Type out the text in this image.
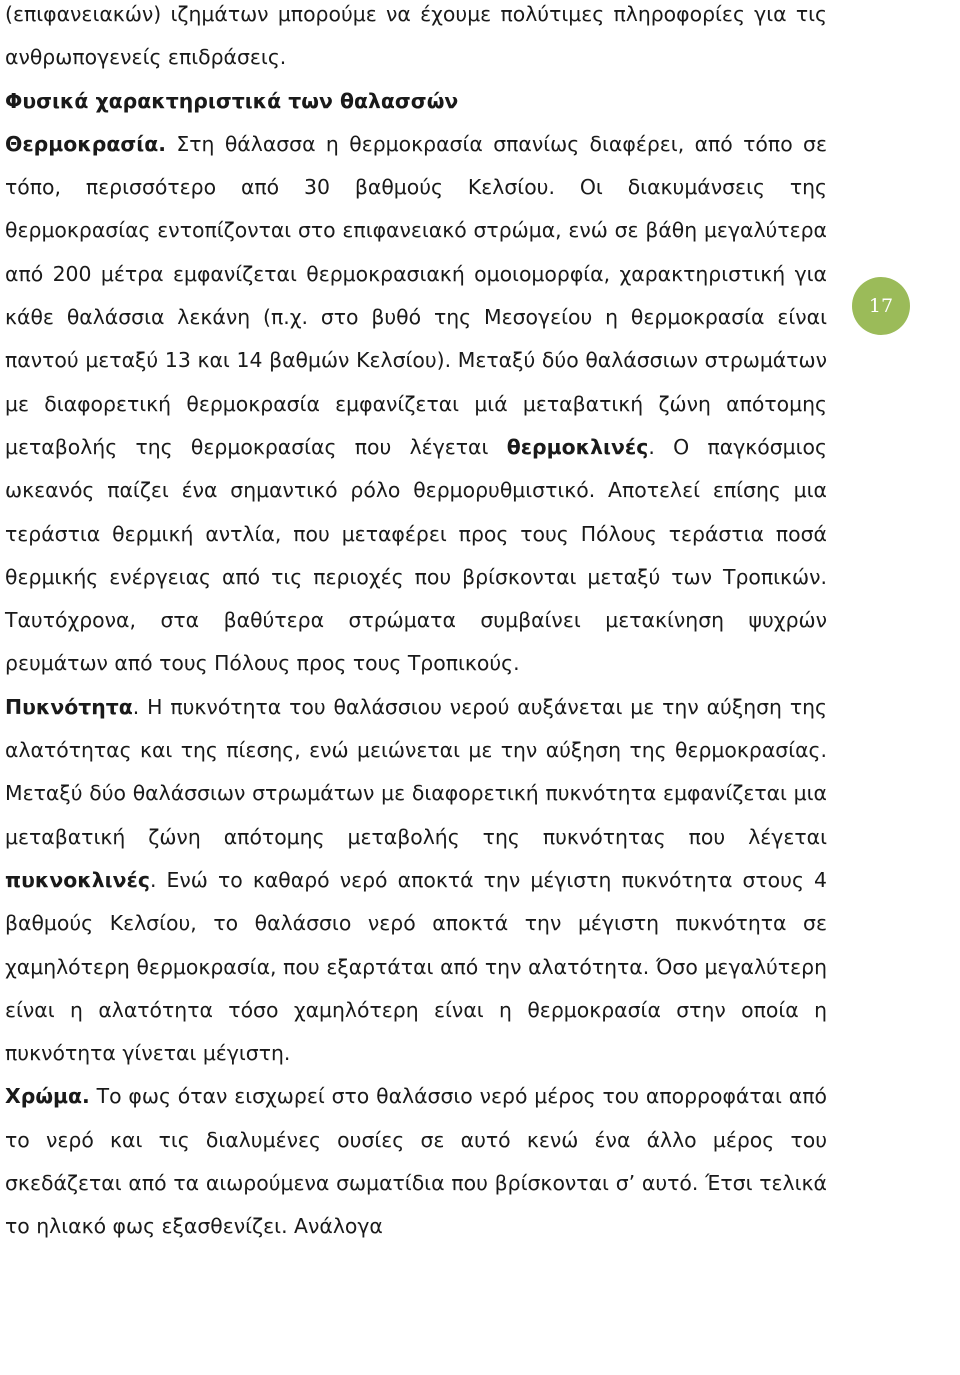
(επιφανειακών) ιζημάτων μπορούμε να έχουμε πολύτιμες πληροφορίες για τις ανθρωπογενείς επιδράσεις.

Φυσικά χαρακτηριστικά των θαλασσών

Θερμοκρασία. Στη θάλασσα η θερμοκρασία σπανίως διαφέρει, από τόπο σε τόπο, περισσότερο από 30 βαθμούς Κελσίου. Οι διακυμάνσεις της θερμοκρασίας εντοπίζονται στο επιφανειακό στρώμα, ενώ σε βάθη μεγαλύτερα από 200 μέτρα εμφανίζεται θερμοκρασιακή ομοιομορφία, χαρακτηριστική για κάθε θαλάσσια λεκάνη (π.χ. στο βυθό της Μεσογείου η θερμοκρασία είναι παντού μεταξύ 13 και 14 βαθμών Κελσίου). Μεταξύ δύο θαλάσσιων στρωμάτων με διαφορετική θερμοκρασία εμφανίζεται μιά μεταβατική ζώνη απότομης μεταβολής της θερμοκρασίας που λέγεται θερμοκλινές. Ο παγκόσμιος ωκεανός παίζει ένα σημαντικό ρόλο θερμορυθμιστικό. Αποτελεί επίσης μια τεράστια θερμική αντλία, που μεταφέρει προς τους Πόλους τεράστια ποσά θερμικής ενέργειας από τις περιοχές που βρίσκονται μεταξύ των Τροπικών. Ταυτόχρονα, στα βαθύτερα στρώματα συμβαίνει μετακίνηση ψυχρών ρευμάτων από τους Πόλους προς τους Τροπικούς.

Πυκνότητα. Η πυκνότητα του θαλάσσιου νερού αυξάνεται με την αύξηση της αλατότητας και της πίεσης, ενώ μειώνεται με την αύξηση της θερμοκρασίας. Μεταξύ δύο θαλάσσιων στρωμάτων με διαφορετική πυκνότητα εμφανίζεται μια μεταβατική ζώνη απότομης μεταβολής της πυκνότητας που λέγεται πυκνοκλινές. Ενώ το καθαρό νερό αποκτά την μέγιστη πυκνότητα στους 4 βαθμούς Κελσίου, το θαλάσσιο νερό αποκτά την μέγιστη πυκνότητα σε χαμηλότερη θερμοκρασία, που εξαρτάται από την αλατότητα. Όσο μεγαλύτερη είναι η αλατότητα τόσο χαμηλότερη είναι η θερμοκρασία στην οποία η πυκνότητα γίνεται μέγιστη.

Χρώμα. Το φως όταν εισχωρεί στο θαλάσσιο νερό μέρος του απορροφάται από το νερό και τις διαλυμένες ουσίες σε αυτό κενώ ένα άλλο μέρος του σκεδάζεται από τα αιωρούμενα σωματίδια που βρίσκονται σ’ αυτό. Έτσι τελικά το ηλιακό φως εξασθενίζει. Ανάλογα

17
